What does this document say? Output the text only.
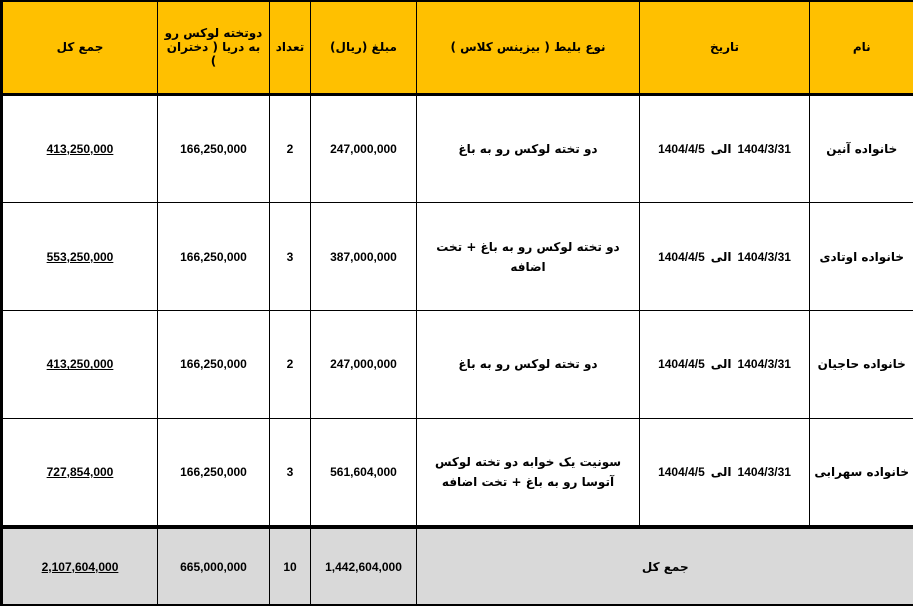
جمع کل	دوتخته لوکس رو به دریا ( دختران )	تعداد	مبلغ (ریال)	نوع بلیط ( بیزینس کلاس )	تاریخ	نام
413,250,000	166,250,000	2	247,000,000	دو تخته لوکس رو به باغ	1404/3/31الی1404/4/5	خانواده آنین
553,250,000	166,250,000	3	387,000,000	دو تخته لوکس رو به باغ + تخت اضافه	1404/3/31الی1404/4/5	خانواده اوتادی
413,250,000	166,250,000	2	247,000,000	دو تخته لوکس رو به باغ	1404/3/31الی1404/4/5	خانواده حاجیان
727,854,000	166,250,000	3	561,604,000	سونیت یک خوابه دو تخته لوکس آتوسا رو به باغ + تخت اضافه	1404/3/31الی1404/4/5	خانواده سهرابی
2,107,604,000	665,000,000	10	1,442,604,000	جمع کل		
